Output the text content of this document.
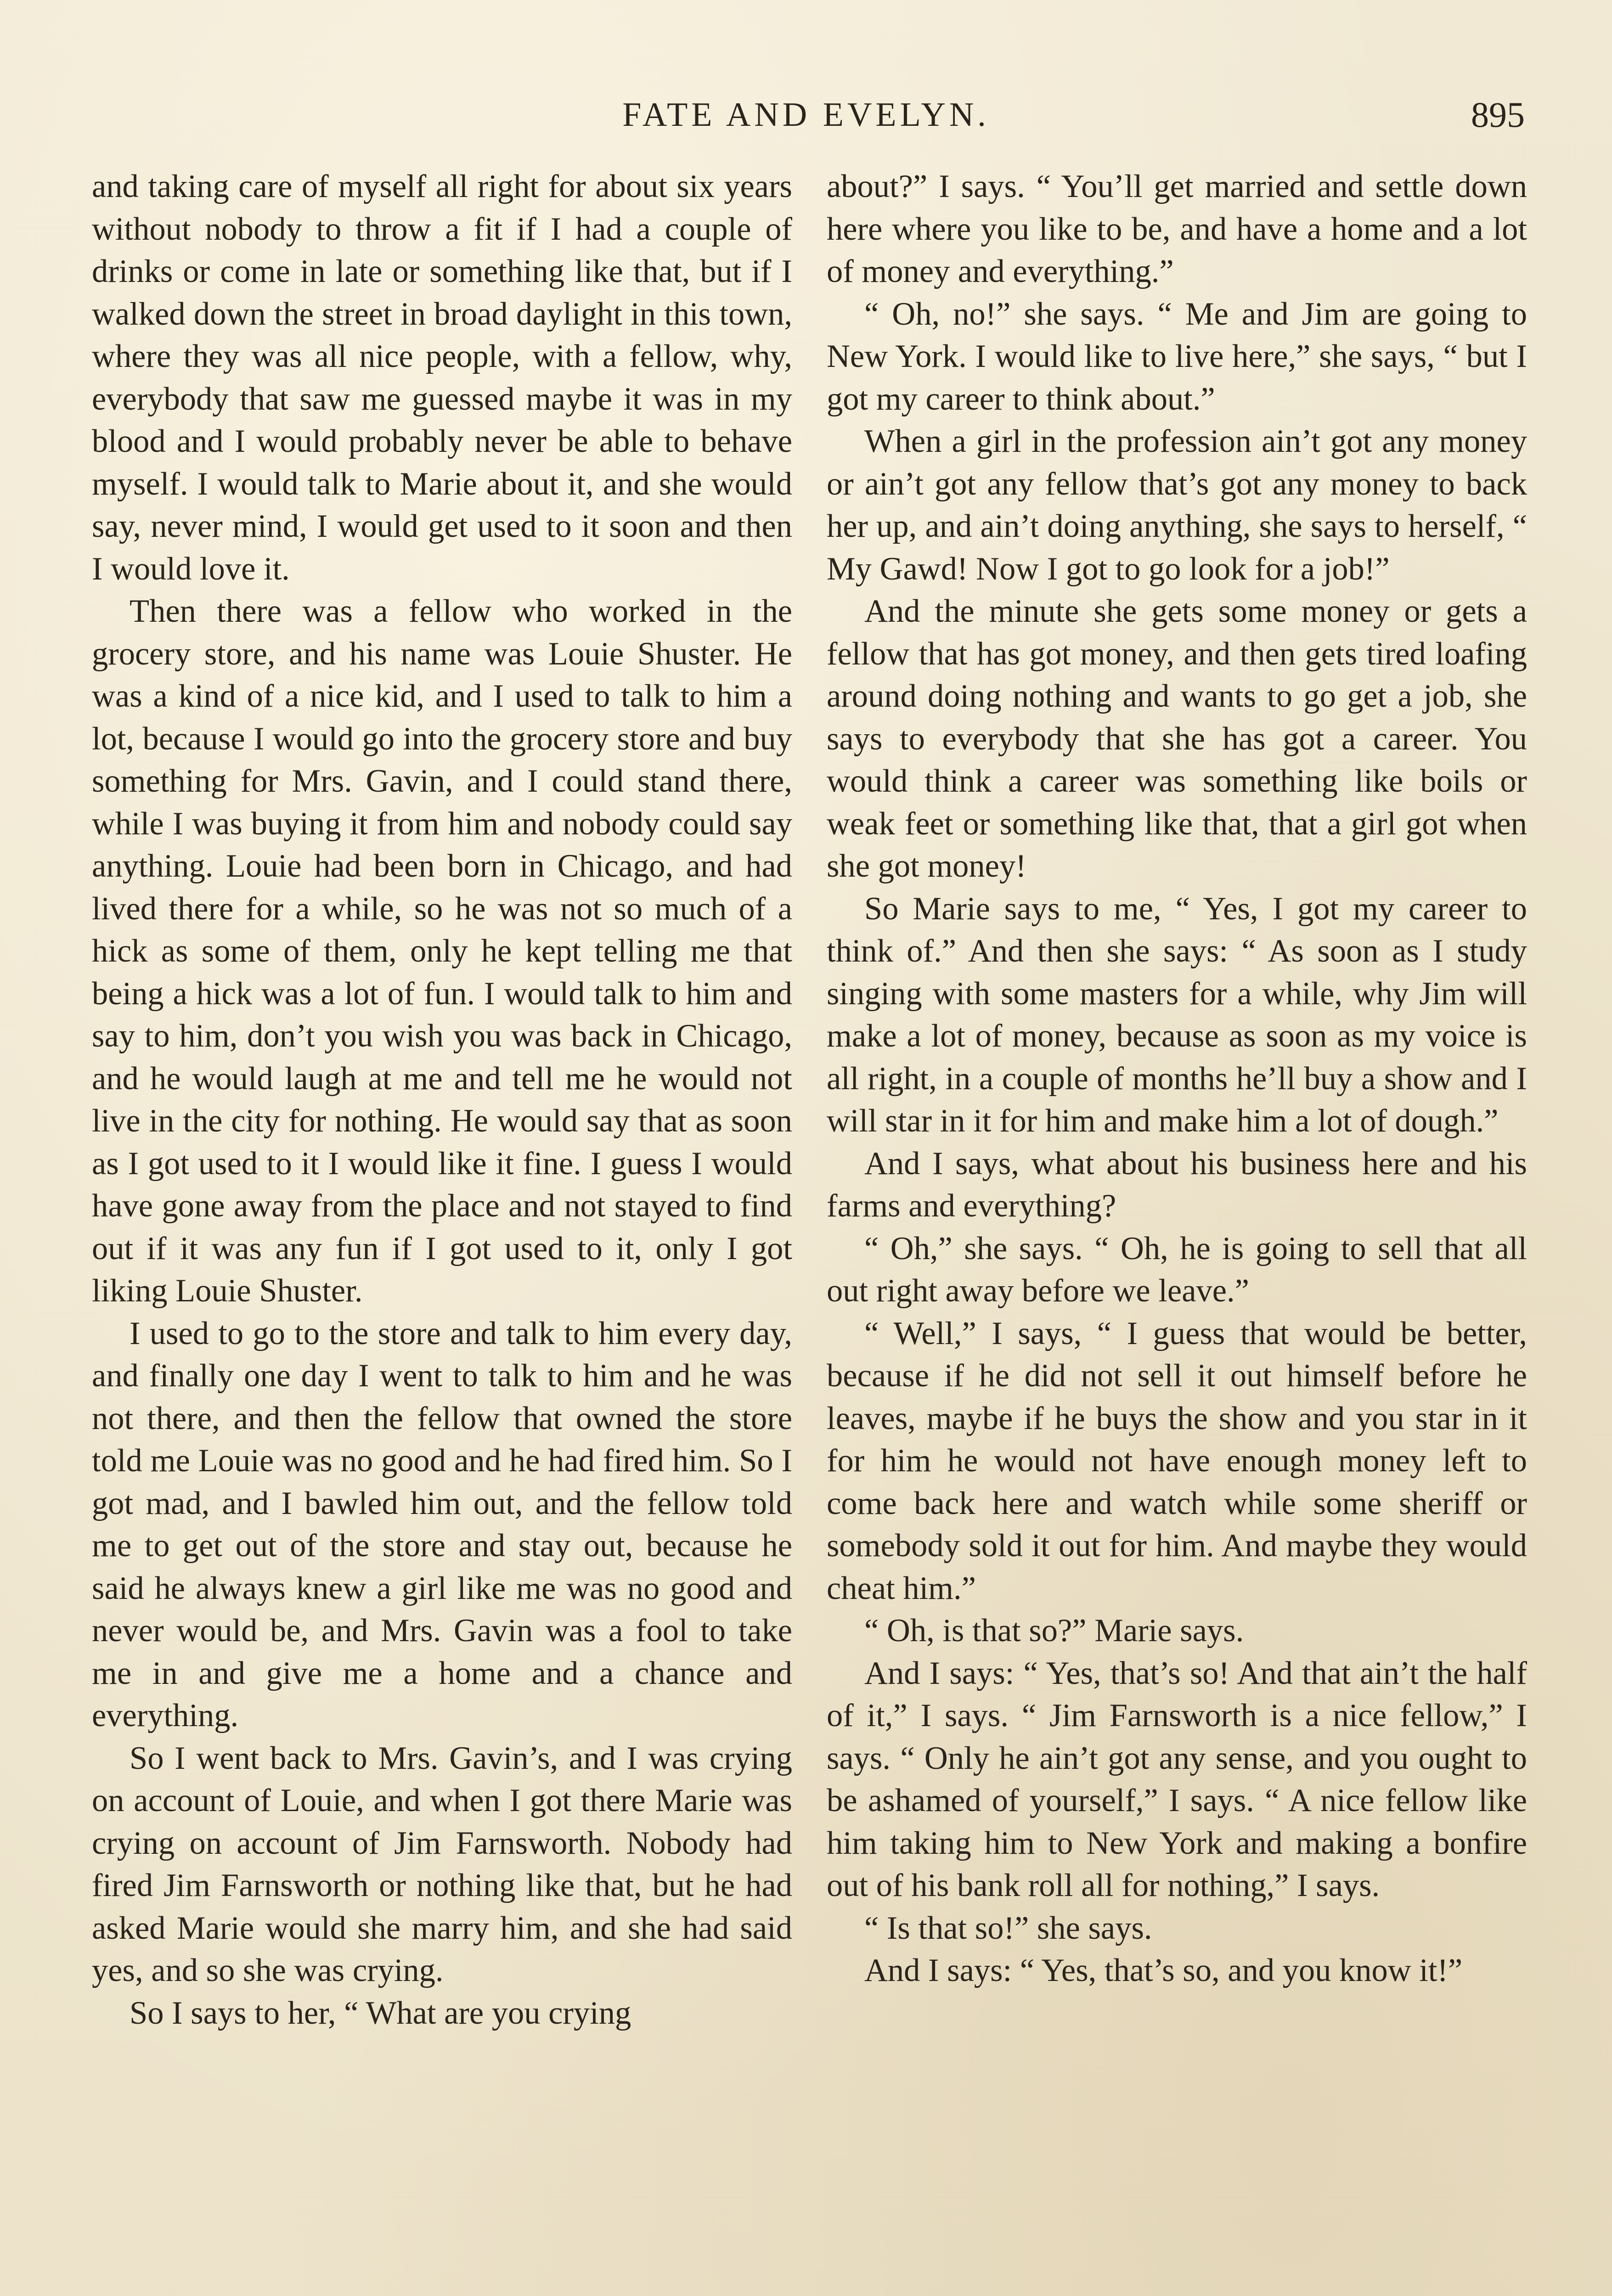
FATE AND EVELYN.	895

and taking care of myself all right for about six years without nobody to throw a fit if I had a couple of drinks or come in late or something like that, but if I walked down the street in broad daylight in this town, where they was all nice people, with a fellow, why, everybody that saw me guessed maybe it was in my blood and I would probably never be able to behave myself. I would talk to Marie about it, and she would say, never mind, I would get used to it soon and then I would love it.

Then there was a fellow who worked in the grocery store, and his name was Louie Shuster. He was a kind of a nice kid, and I used to talk to him a lot, because I would go into the grocery store and buy something for Mrs. Gavin, and I could stand there, while I was buying it from him and nobody could say anything. Louie had been born in Chicago, and had lived there for a while, so he was not so much of a hick as some of them, only he kept telling me that being a hick was a lot of fun. I would talk to him and say to him, don’t you wish you was back in Chicago, and he would laugh at me and tell me he would not live in the city for nothing. He would say that as soon as I got used to it I would like it fine. I guess I would have gone away from the place and not stayed to find out if it was any fun if I got used to it, only I got liking Louie Shuster.

I used to go to the store and talk to him every day, and finally one day I went to talk to him and he was not there, and then the fellow that owned the store told me Louie was no good and he had fired him. So I got mad, and I bawled him out, and the fellow told me to get out of the store and stay out, because he said he always knew a girl like me was no good and never would be, and Mrs. Gavin was a fool to take me in and give me a home and a chance and everything.

So I went back to Mrs. Gavin’s, and I was crying on account of Louie, and when I got there Marie was crying on account of Jim Farnsworth. Nobody had fired Jim Farnsworth or nothing like that, but he had asked Marie would she marry him, and she had said yes, and so she was crying.

So I says to her, “ What are you crying

about?” I says. “ You’ll get married and settle down here where you like to be, and have a home and a lot of money and everything.”

“ Oh, no!” she says. “ Me and Jim are going to New York. I would like to live here,” she says, “ but I got my career to think about.”

When a girl in the profession ain’t got any money or ain’t got any fellow that’s got any money to back her up, and ain’t doing anything, she says to herself, “ My Gawd! Now I got to go look for a job!”

And the minute she gets some money or gets a fellow that has got money, and then gets tired loafing around doing nothing and wants to go get a job, she says to everybody that she has got a career. You would think a career was something like boils or weak feet or something like that, that a girl got when she got money!

So Marie says to me, “ Yes, I got my career to think of.” And then she says: “ As soon as I study singing with some masters for a while, why Jim will make a lot of money, because as soon as my voice is all right, in a couple of months he’ll buy a show and I will star in it for him and make him a lot of dough.”

And I says, what about his business here and his farms and everything?

“ Oh,” she says. “ Oh, he is going to sell that all out right away before we leave.”

“ Well,” I says, “ I guess that would be better, because if he did not sell it out himself before he leaves, maybe if he buys the show and you star in it for him he would not have enough money left to come back here and watch while some sheriff or somebody sold it out for him. And maybe they would cheat him.”

“ Oh, is that so?” Marie says.

And I says: “ Yes, that’s so! And that ain’t the half of it,” I says. “ Jim Farnsworth is a nice fellow,” I says. “ Only he ain’t got any sense, and you ought to be ashamed of yourself,” I says. “ A nice fellow like him taking him to New York and making a bonfire out of his bank roll all for nothing,” I says.

“ Is that so!” she says.

And I says: “ Yes, that’s so, and you know it!”
